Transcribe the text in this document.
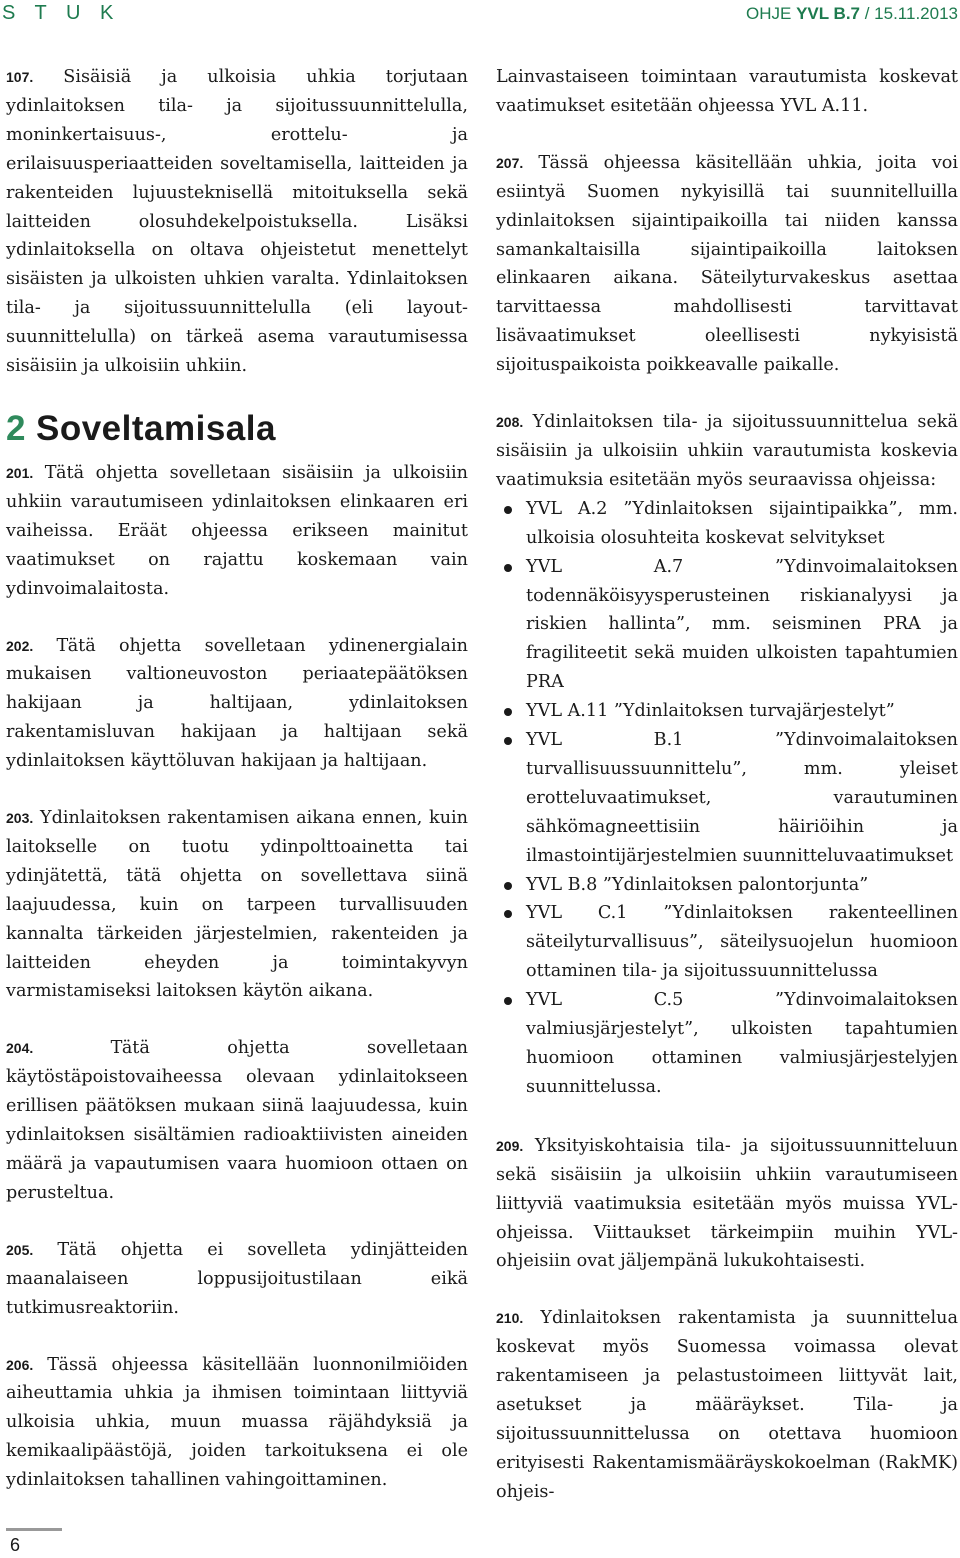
S T U K	OHJE YVL B.7 / 15.11.2013

107. Sisäisiä ja ulkoisia uhkia torjutaan ydinlaitoksen tila- ja sijoitussuunnittelulla, moninkertaisuus-, erottelu- ja erilaisuusperiaatteiden soveltamisella, laitteiden ja rakenteiden lujuusteknisellä mitoituksella sekä laitteiden olosuhdekelpoistuksella. Lisäksi ydinlaitoksella on oltava ohjeistetut menettelyt sisäisten ja ulkoisten uhkien varalta. Ydinlaitoksen tila- ja sijoitussuunnittelulla (eli layout-suunnittelulla) on tärkeä asema varautumisessa sisäisiin ja ulkoisiin uhkiin.

2 Soveltamisala

201. Tätä ohjetta sovelletaan sisäisiin ja ulkoisiin uhkiin varautumiseen ydinlaitoksen elinkaaren eri vaiheissa. Eräät ohjeessa erikseen mainitut vaatimukset on rajattu koskemaan vain ydinvoimalaitosta.

202. Tätä ohjetta sovelletaan ydinenergialain mukaisen valtioneuvoston periaatepäätöksen hakijaan ja haltijaan, ydinlaitoksen rakentamisluvan hakijaan ja haltijaan sekä ydinlaitoksen käyttöluvan hakijaan ja haltijaan.

203. Ydinlaitoksen rakentamisen aikana ennen, kuin laitokselle on tuotu ydinpolttoainetta tai ydinjätettä, tätä ohjetta on sovellettava siinä laajuudessa, kuin on tarpeen turvallisuuden kannalta tärkeiden järjestelmien, rakenteiden ja laitteiden eheyden ja toimintakyvyn varmistamiseksi laitoksen käytön aikana.

204.	Tätä ohjetta sovelletaan käytöstäpoistovaiheessa olevaan ydinlaitokseen erillisen päätöksen mukaan siinä laajuudessa, kuin ydinlaitoksen sisältämien radioaktiivisten aineiden määrä ja vapautumisen vaara huomioon ottaen on perusteltua.

205. Tätä ohjetta ei sovelleta ydinjätteiden maanalaiseen loppusijoitustilaan eikä tutkimusreaktoriin.

206. Tässä ohjeessa käsitellään luonnonilmiöiden aiheuttamia uhkia ja ihmisen toimintaan liittyviä ulkoisia uhkia, muun muassa räjähdyksiä ja kemikaalipäästöjä, joiden tarkoituksena ei ole ydinlaitoksen tahallinen vahingoittaminen.

Lainvastaiseen toimintaan varautumista koskevat vaatimukset esitetään ohjeessa YVL A.11.

207. Tässä ohjeessa käsitellään uhkia, joita voi esiintyä Suomen nykyisillä tai suunnitelluilla ydinlaitoksen sijaintipaikoilla tai niiden kanssa samankaltaisilla sijaintipaikoilla laitoksen elinkaaren aikana. Säteilyturvakeskus asettaa tarvittaessa mahdollisesti tarvittavat lisävaatimukset oleellisesti nykyisistä sijoituspaikoista poikkeavalle paikalle.

208. Ydinlaitoksen tila- ja sijoitussuunnittelua sekä sisäisiin ja ulkoisiin uhkiin varautumista koskevia vaatimuksia esitetään myös seuraavissa ohjeissa:

YVL A.2 ”Ydinlaitoksen sijaintipaikka”, mm. ulkoisia olosuhteita koskevat selvitykset
YVL A.7 ”Ydinvoimalaitoksen todennäköisyysperusteinen riskianalyysi ja riskien hallinta”, mm. seisminen PRA ja fragiliteetit sekä muiden ulkoisten tapahtumien PRA
YVL A.11 ”Ydinlaitoksen turvajärjestelyt”
YVL B.1 ”Ydinvoimalaitoksen turvallisuussuunnittelu”, mm. yleiset erotteluvaatimukset, varautuminen sähkömagneettisiin häiriöihin ja ilmastointijärjestelmien suunnitteluvaatimukset
YVL B.8 ”Ydinlaitoksen palontorjunta”
YVL C.1 ”Ydinlaitoksen rakenteellinen säteilyturvallisuus”, säteilysuojelun huomioon ottaminen tila- ja sijoitussuunnittelussa
YVL C.5 ”Ydinvoimalaitoksen valmiusjärjestelyt”, ulkoisten tapahtumien huomioon ottaminen valmiusjärjestelyjen suunnittelussa.

209. Yksityiskohtaisia tila- ja sijoitussuunnitteluun sekä sisäisiin ja ulkoisiin uhkiin varautumiseen liittyviä vaatimuksia esitetään myös muissa YVL-ohjeissa. Viittaukset tärkeimpiin muihin YVL-ohjeisiin ovat jäljempänä lukukohtaisesti.

210. Ydinlaitoksen rakentamista ja suunnittelua koskevat myös Suomessa voimassa olevat rakentamiseen ja pelastustoimeen liittyvät lait, asetukset ja määräykset. Tila- ja sijoitussuunnittelussa on otettava huomioon erityisesti Rakentamismääräyskokoelman (RakMK) ohjeis-

6
